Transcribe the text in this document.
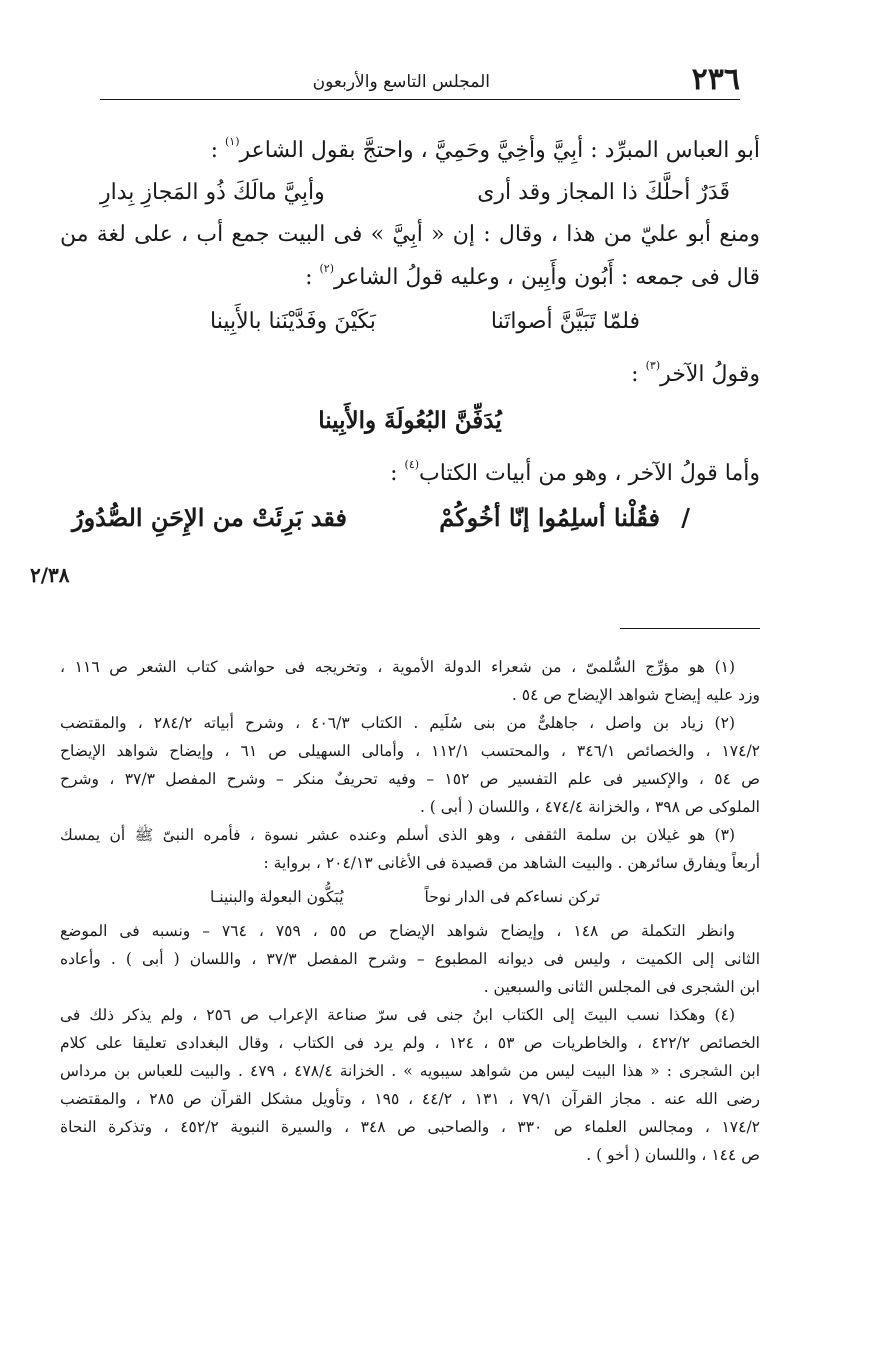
٢٣٦
المجلس التاسع والأربعون
أبو العباس المبرِّد : أبِيَّ وأخِيَّ وحَمِيَّ ، واحتجَّ بقول الشاعر$^{(١)}$ :
قَدَرٌ أحلَّكَ ذا المجاز وقد أرى
وأبِيَّ مالَكَ ذُو المَجازِ بِدارِ
ومنع أبو عليّ من هذا ، وقال : إن « أبِيَّ » فى البيت جمع أب ، على لغة من
قال فى جمعه : أَبُون وأَبِين ، وعليه قولُ الشاعر$^{(٢)}$ :
فلمّا تَبَيَّنَّ أصواتَنا
بَكَيْنَ وفَدَّيْنَنا بالأَبِينا
وقولُ الآخر$^{(٣)}$ :
يُدَفِّنَّ البُعُولَةَ والأَبِينا
وأما قولُ الآخر ، وهو من أبيات الكتاب$^{(٤)}$ :
/
فقُلْنا أسلِمُوا إنّا أخُوكُمْ
فقد بَرِئَتْ من الإِحَنِ الصُّدُورُ
٢/٣٨
(١) هو مؤرِّج السُّلمىّ ، من شعراء الدولة الأموية ، وتخريجه فى حواشى كتاب الشعر ص ١١٦ ،
وزد عليه إيضاح شواهد الإيضاح ص ٥٤ .
(٢) زياد بن واصل ، جاهلىٌّ من بنى سُلَيم . الكتاب ٤٠٦/٣ ، وشرح أبياته ٢٨٤/٢ ، والمقتضب
١٧٤/٢ ، والخصائص ٣٤٦/١ ، والمحتسب ١١٢/١ ، وأمالى السهيلى ص ٦١ ، وإيضاح شواهد الإيضاح
ص ٥٤ ، والإكسير فى علم التفسير ص ١٥٢ – وفيه تحريفٌ منكر – وشرح المفصل ٣٧/٣ ، وشرح
الملوكى ص ٣٩٨ ، والخزانة ٤٧٤/٤ ، واللسان ( أبى ) .
(٣) هو غيلان بن سلمة الثقفى ، وهو الذى أسلم وعنده عشر نسوة ، فأمره النبىّ ﷺ أن يمسك
أربعاً ويفارق سائرهن . والبيت الشاهد من قصيدة فى الأغانى ٢٠٤/١٣ ، برواية :
تركن نساءكم فى الدار نوحاً
يُبَكُّون البعولة والبنينـا
وانظر التكملة ص ١٤٨ ، وإيضاح شواهد الإيضاح ص ٥٥ ، ٧٥٩ ، ٧٦٤ – ونسبه فى الموضع
الثانى إلى الكميت ، وليس فى ديوانه المطبوع – وشرح المفصل ٣٧/٣ ، واللسان ( أبى ) . وأعاده
ابن الشجرى فى المجلس الثانى والسبعين .
(٤) وهكذا نسب البيتَ إلى الكتاب ابنُ جنى فى سرّ صناعة الإعراب ص ٢٥٦ ، ولم يذكر ذلك فى
الخصائص ٤٢٢/٢ ، والخاطريات ص ٥٣ ، ١٢٤ ، ولم يرد فى الكتاب ، وقال البغدادى تعليقا على كلام
ابن الشجرى : « هذا البيت ليس من شواهد سيبويه » . الخزانة ٤٧٨/٤ ، ٤٧٩ . والبيت للعباس بن مرداس
رضى الله عنه . مجاز القرآن ٧٩/١ ، ١٣١ ، ٤٤/٢ ، ١٩٥ ، وتأويل مشكل القرآن ص ٢٨٥ ، والمقتضب
١٧٤/٢ ، ومجالس العلماء ص ٣٣٠ ، والصاحبى ص ٣٤٨ ، والسيرة النبوية ٤٥٢/٢ ، وتذكرة النحاة
ص ١٤٤ ، واللسان ( أخو ) .
